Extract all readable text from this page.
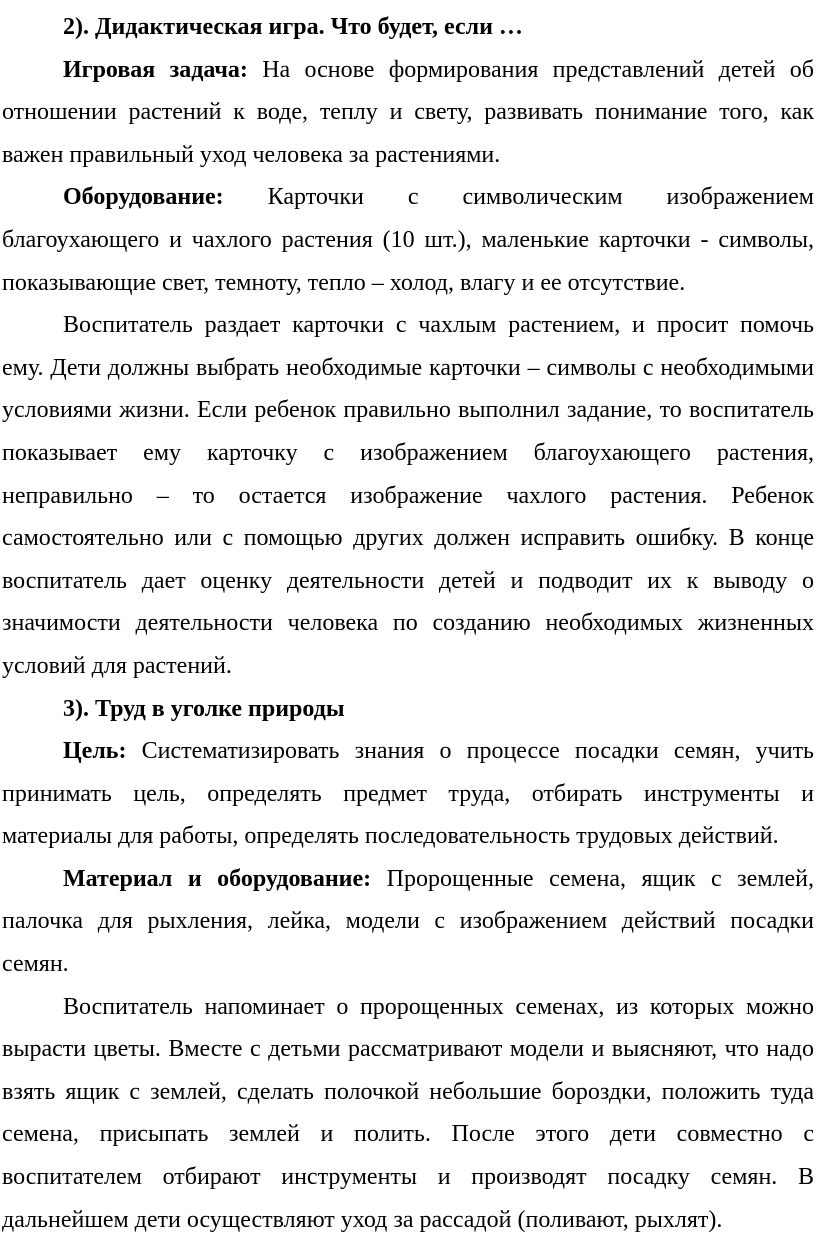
2). Дидактическая игра. Что будет, если …

Игровая задача: На основе формирования представлений детей об отношении растений к воде, теплу и свету, развивать понимание того, как важен правильный уход человека за растениями.

Оборудование: Карточки с символическим изображением благоухающего и чахлого растения (10 шт.), маленькие карточки - символы, показывающие свет, темноту, тепло – холод, влагу и ее отсутствие.

Воспитатель раздает карточки с чахлым растением, и просит помочь ему. Дети должны выбрать необходимые карточки – символы с необходимыми условиями жизни. Если ребенок правильно выполнил задание, то воспитатель показывает ему карточку с изображением благоухающего растения, неправильно – то остается изображение чахлого растения. Ребенок самостоятельно или с помощью других должен исправить ошибку. В конце воспитатель дает оценку деятельности детей и подводит их к выводу о значимости деятельности человека по созданию необходимых жизненных условий для растений.

3). Труд в уголке природы

Цель: Систематизировать знания о процессе посадки семян, учить принимать цель, определять предмет труда, отбирать инструменты и материалы для работы, определять последовательность трудовых действий.

Материал и оборудование: Пророщенные семена, ящик с землей, палочка для рыхления, лейка, модели с изображением действий посадки семян.

Воспитатель напоминает о пророщенных семенах, из которых можно вырасти цветы. Вместе с детьми рассматривают модели и выясняют, что надо взять ящик с землей, сделать полочкой небольшие бороздки, положить туда семена, присыпать землей и полить. После этого дети совместно с воспитателем отбирают инструменты и производят посадку семян. В дальнейшем дети осуществляют уход за рассадой (поливают, рыхлят).
